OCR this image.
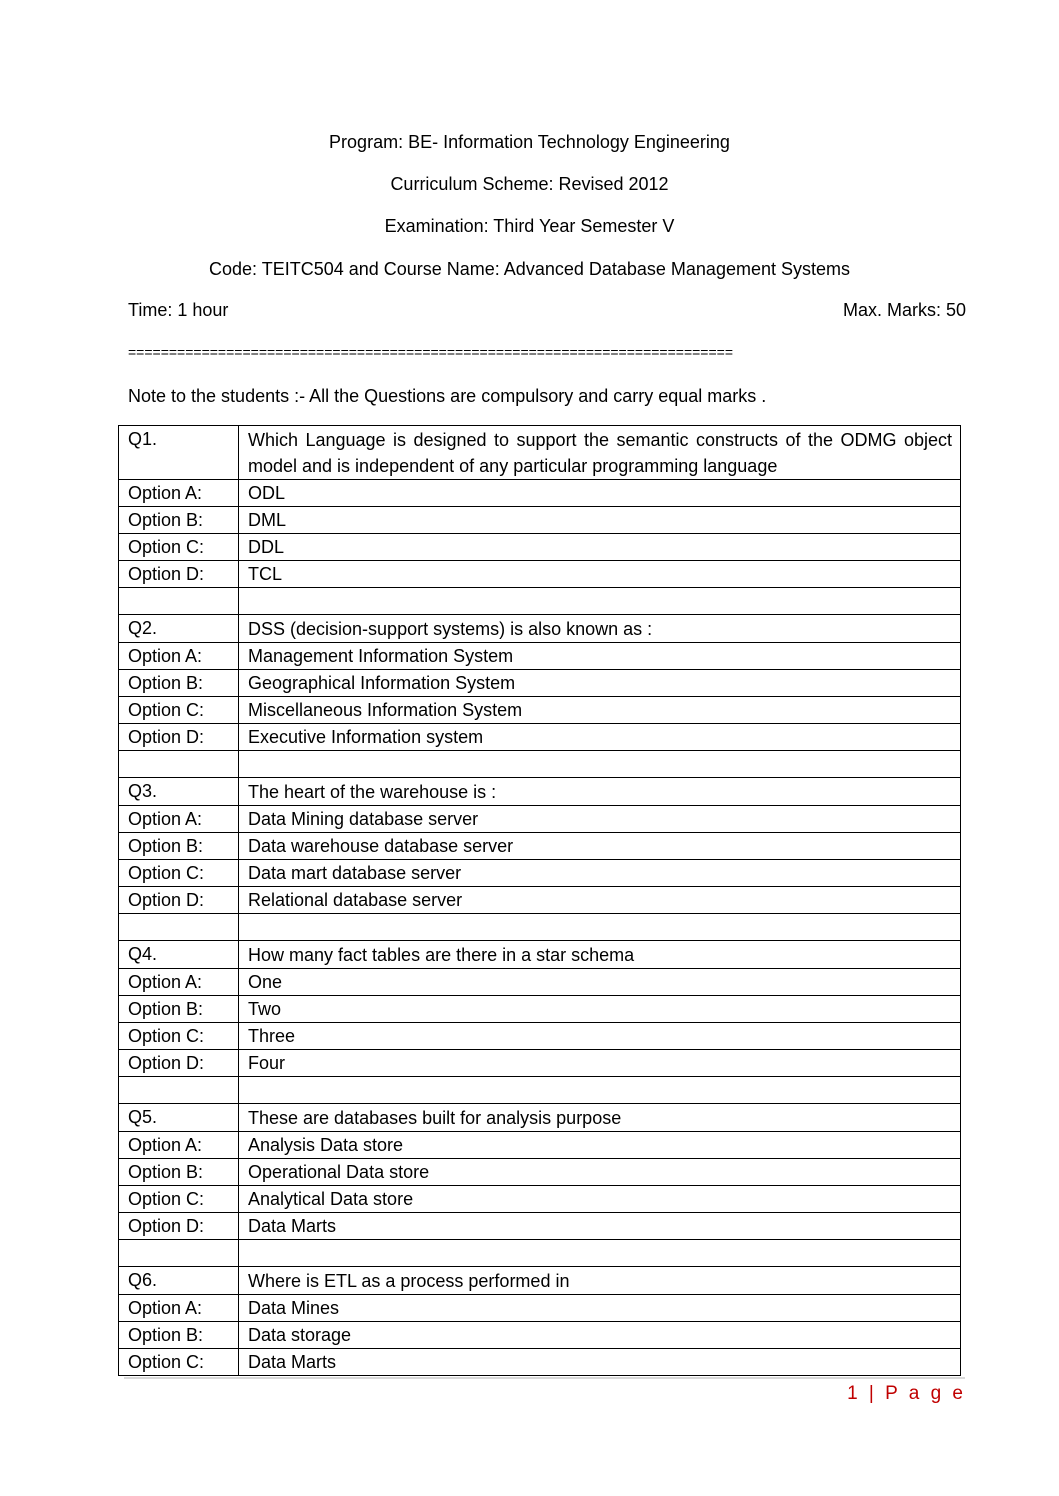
Program: BE- Information Technology Engineering
Curriculum Scheme: Revised 2012
Examination: Third Year Semester V
Code: TEITC504 and Course Name: Advanced Database Management Systems
Time: 1 hour	Max. Marks: 50
==========================================================================
Note to the students :- All the Questions are compulsory and carry equal marks .
Q1.	Which Language is designed to support the semantic constructs of the ODMG object model and is independent of any particular programming language
Option A:	ODL
Option B:	DML
Option C:	DDL
Option D:	TCL

Q2.	DSS (decision-support systems) is also known as :
Option A:	Management Information System
Option B:	Geographical Information System
Option C:	Miscellaneous Information System
Option D:	Executive Information system

Q3.	The heart of the warehouse is :
Option A:	Data Mining database server
Option B:	Data warehouse database server
Option C:	Data mart database server
Option D:	Relational database server

Q4.	How many fact tables are there in a star schema
Option A:	One
Option B:	Two
Option C:	Three
Option D:	Four

Q5.	These are databases built for analysis purpose
Option A:	Analysis Data store
Option B:	Operational Data store
Option C:	Analytical Data store
Option D:	Data Marts

Q6.	Where is ETL as a process performed in
Option A:	Data Mines
Option B:	Data storage
Option C:	Data Marts
1 | P a g e
